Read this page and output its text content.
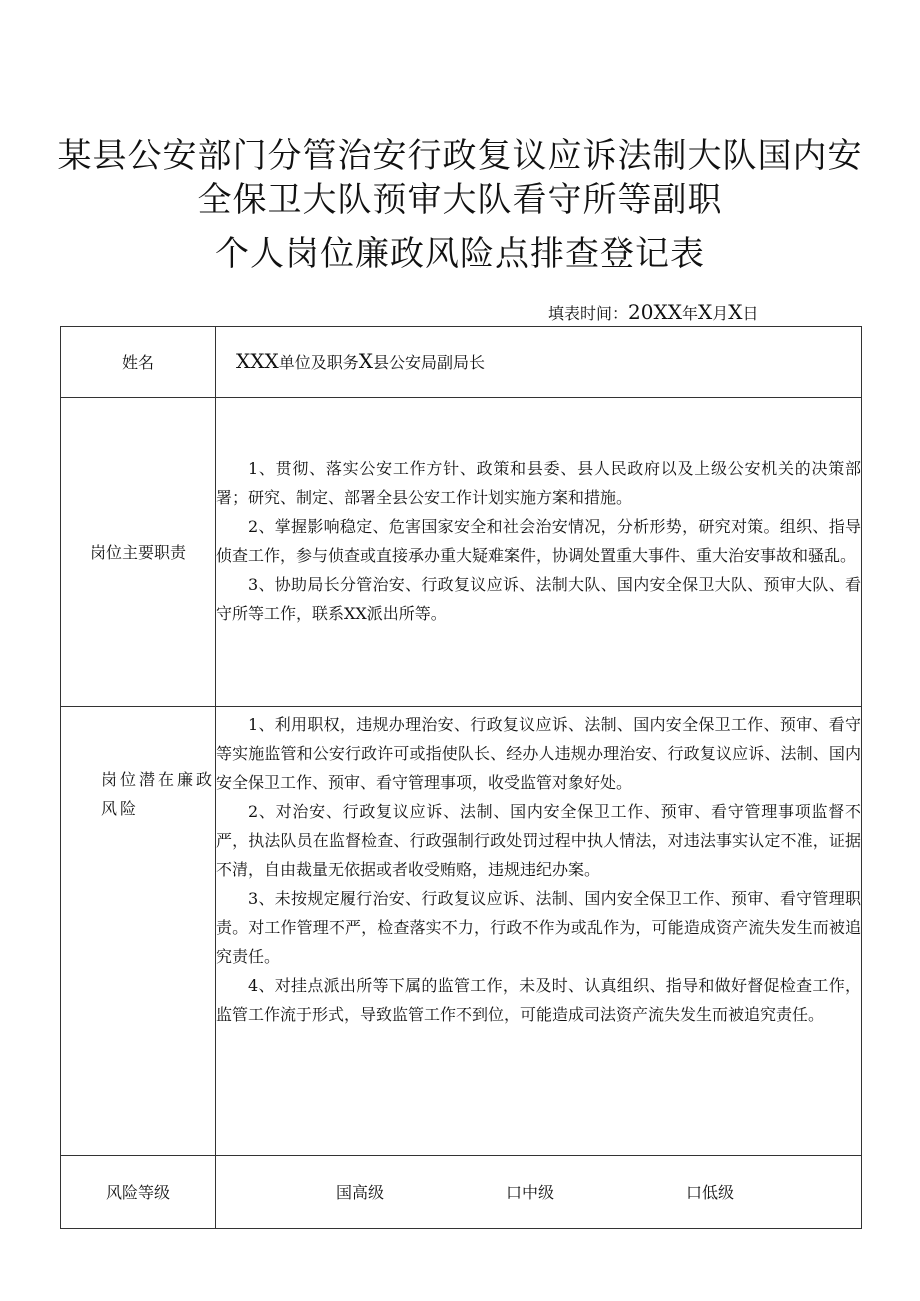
某县公安部门分管治安行政复议应诉法制大队国内安
全保卫大队预审大队看守所等副职
个人岗位廉政风险点排查登记表
填表时间：20XX年X月X日
姓名	XXX单位及职务X县公安局副局长
岗位主要职责	1、贯彻、落实公安工作方针、政策和县委、县人民政府以及上级公安机关的决策部署；研究、制定、部署全县公安工作计划实施方案和措施。

2、掌握影响稳定、危害国家安全和社会治安情况，分析形势，研究对策。组织、指导侦查工作，参与侦查或直接承办重大疑难案件，协调处置重大事件、重大治安事故和骚乱。

3、协助局长分管治安、行政复议应诉、法制大队、国内安全保卫大队、预审大队、看守所等工作，联系XX派出所等。

岗位潜在廉政风险	1、利用职权，违规办理治安、行政复议应诉、法制、国内安全保卫工作、预审、看守等实施监管和公安行政许可或指使队长、经办人违规办理治安、行政复议应诉、法制、国内安全保卫工作、预审、看守管理事项，收受监管对象好处。

2、对治安、行政复议应诉、法制、国内安全保卫工作、预审、看守管理事项监督不严，执法队员在监督检查、行政强制行政处罚过程中执人情法，对违法事实认定不准，证据不清，自由裁量无依据或者收受贿赂，违规违纪办案。

3、未按规定履行治安、行政复议应诉、法制、国内安全保卫工作、预审、看守管理职责。对工作管理不严，检查落实不力，行政不作为或乱作为，可能造成资产流失发生而被追究责任。

4、对挂点派出所等下属的监管工作，未及时、认真组织、指导和做好督促检查工作，监管工作流于形式，导致监管工作不到位，可能造成司法资产流失发生而被追究责任。

风险等级	国高级 口中级 口低级
